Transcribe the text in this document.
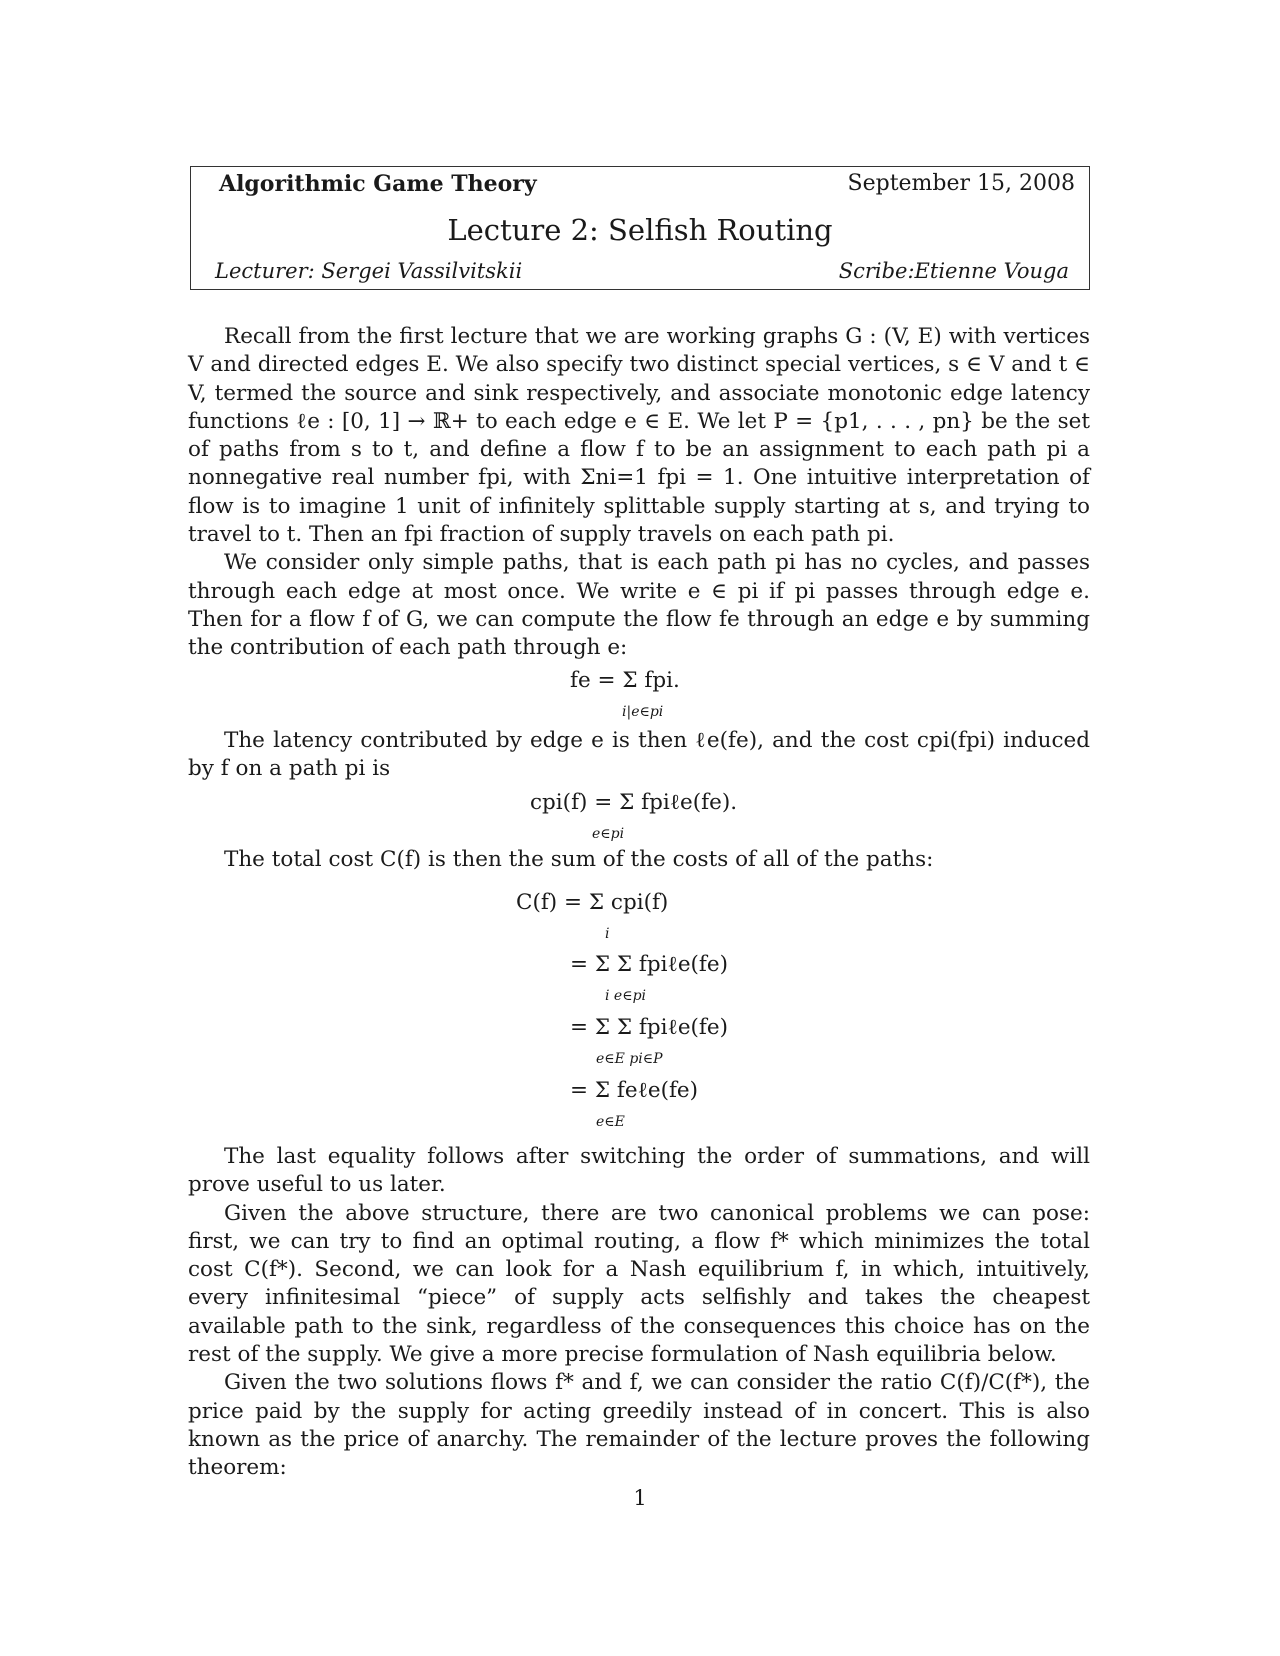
Algorithmic Game Theory	September 15, 2008
Lecture 2: Selfish Routing
Lecturer: Sergei Vassilvitskii	Scribe:Etienne Vouga

Recall from the first lecture that we are working graphs G : (V, E) with vertices V and directed edges E. We also specify two distinct special vertices, s ∈ V and t ∈ V, termed the source and sink respectively, and associate monotonic edge latency functions ℓe : [0, 1] → ℝ+ to each edge e ∈ E. We let P = {p1, . . . , pn} be the set of paths from s to t, and define a flow f to be an assignment to each path pi a nonnegative real number fpi, with Σni=1 fpi = 1. One intuitive interpretation of flow is to imagine 1 unit of infinitely splittable supply starting at s, and trying to travel to t. Then an fpi fraction of supply travels on each path pi.

We consider only simple paths, that is each path pi has no cycles, and passes through each edge at most once. We write e ∈ pi if pi passes through edge e. Then for a flow f of G, we can compute the flow fe through an edge e by summing the contribution of each path through e:

fe = Σ fpi.
i|e∈pi

The latency contributed by edge e is then ℓe(fe), and the cost cpi(fpi) induced by f on a path pi is

cpi(f) = Σ fpiℓe(fe).
e∈pi

The total cost C(f) is then the sum of the costs of all of the paths:

C(f) = Σ cpi(f)
i
= Σ Σ fpiℓe(fe)
i e∈pi
= Σ Σ fpiℓe(fe)
e∈E pi∈P
= Σ feℓe(fe)
e∈E

The last equality follows after switching the order of summations, and will prove useful to us later.

Given the above structure, there are two canonical problems we can pose: first, we can try to find an optimal routing, a flow f* which minimizes the total cost C(f*). Second, we can look for a Nash equilibrium f, in which, intuitively, every infinitesimal “piece” of supply acts selfishly and takes the cheapest available path to the sink, regardless of the consequences this choice has on the rest of the supply. We give a more precise formulation of Nash equilibria below.

Given the two solutions flows f* and f, we can consider the ratio C(f)/C(f*), the price paid by the supply for acting greedily instead of in concert. This is also known as the price of anarchy. The remainder of the lecture proves the following theorem:

1
